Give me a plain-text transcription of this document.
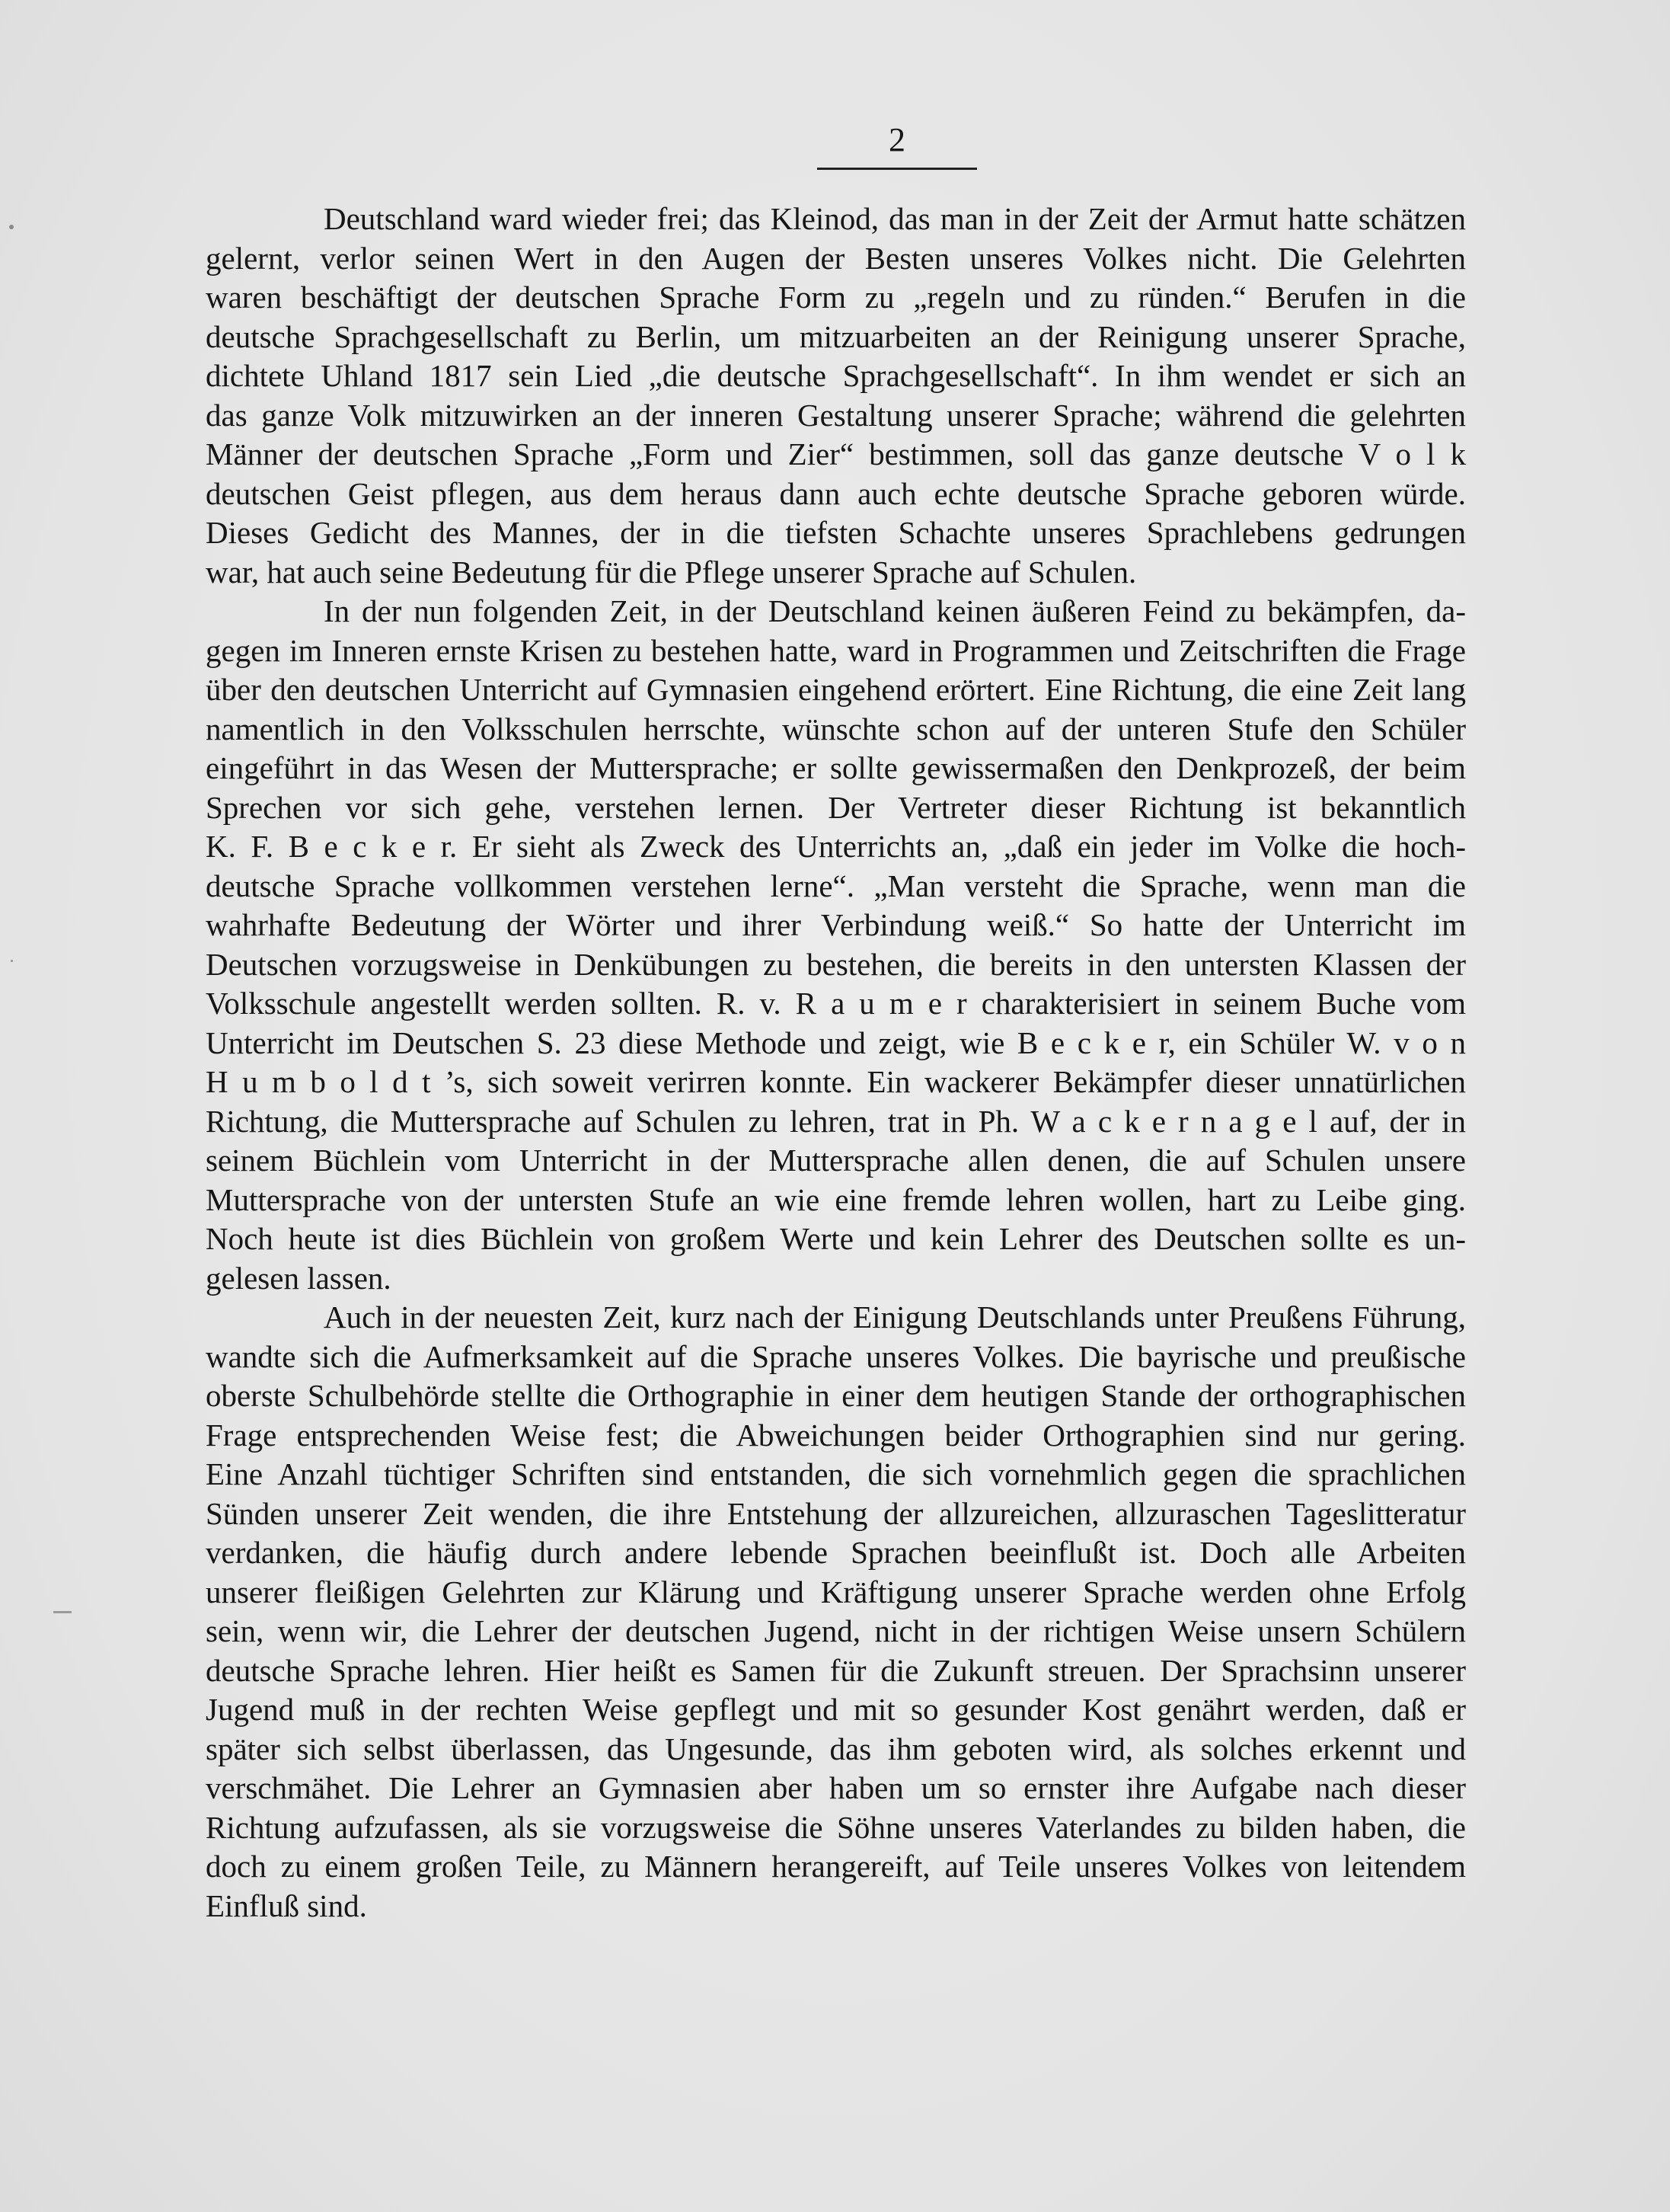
2

Deutschland ward wieder frei; das Kleinod, das man in der Zeit der Armut hatte schätzen

gelernt, verlor seinen Wert in den Augen der Besten unseres Volkes nicht. Die Gelehrten

waren beschäftigt der deutschen Sprache Form zu „regeln und zu ründen.“ Berufen in die

deutsche Sprachgesellschaft zu Berlin, um mitzuarbeiten an der Reinigung unserer Sprache,

dichtete Uhland 1817 sein Lied „die deutsche Sprachgesellschaft“. In ihm wendet er sich an

das ganze Volk mitzuwirken an der inneren Gestaltung unserer Sprache; während die gelehrten

Männer der deutschen Sprache „Form und Zier“ bestimmen, soll das ganze deutsche V o l k

deutschen Geist pflegen, aus dem heraus dann auch echte deutsche Sprache geboren würde.

Dieses Gedicht des Mannes, der in die tiefsten Schachte unseres Sprachlebens gedrungen

war, hat auch seine Bedeutung für die Pflege unserer Sprache auf Schulen.

In der nun folgenden Zeit, in der Deutschland keinen äußeren Feind zu bekämpfen, da-

gegen im Inneren ernste Krisen zu bestehen hatte, ward in Programmen und Zeitschriften die Frage

über den deutschen Unterricht auf Gymnasien eingehend erörtert. Eine Richtung, die eine Zeit lang

namentlich in den Volksschulen herrschte, wünschte schon auf der unteren Stufe den Schüler

eingeführt in das Wesen der Muttersprache; er sollte gewissermaßen den Denkprozeß, der beim

Sprechen vor sich gehe, verstehen lernen. Der Vertreter dieser Richtung ist bekanntlich

K. F. B e c k e r. Er sieht als Zweck des Unterrichts an, „daß ein jeder im Volke die hoch-

deutsche Sprache vollkommen verstehen lerne“. „Man versteht die Sprache, wenn man die

wahrhafte Bedeutung der Wörter und ihrer Verbindung weiß.“ So hatte der Unterricht im

Deutschen vorzugsweise in Denkübungen zu bestehen, die bereits in den untersten Klassen der

Volksschule angestellt werden sollten. R. v. R a u m e r charakterisiert in seinem Buche vom

Unterricht im Deutschen S. 23 diese Methode und zeigt, wie B e c k e r, ein Schüler W. v o n

H u m b o l d t ’s, sich soweit verirren konnte. Ein wackerer Bekämpfer dieser unnatürlichen

Richtung, die Muttersprache auf Schulen zu lehren, trat in Ph. W a c k e r n a g e l auf, der in

seinem Büchlein vom Unterricht in der Muttersprache allen denen, die auf Schulen unsere

Muttersprache von der untersten Stufe an wie eine fremde lehren wollen, hart zu Leibe ging.

Noch heute ist dies Büchlein von großem Werte und kein Lehrer des Deutschen sollte es un-

gelesen lassen.

Auch in der neuesten Zeit, kurz nach der Einigung Deutschlands unter Preußens Führung,

wandte sich die Aufmerksamkeit auf die Sprache unseres Volkes. Die bayrische und preußische

oberste Schulbehörde stellte die Orthographie in einer dem heutigen Stande der orthographischen

Frage entsprechenden Weise fest; die Abweichungen beider Orthographien sind nur gering.

Eine Anzahl tüchtiger Schriften sind entstanden, die sich vornehmlich gegen die sprachlichen

Sünden unserer Zeit wenden, die ihre Entstehung der allzureichen, allzuraschen Tageslitteratur

verdanken, die häufig durch andere lebende Sprachen beeinflußt ist. Doch alle Arbeiten

unserer fleißigen Gelehrten zur Klärung und Kräftigung unserer Sprache werden ohne Erfolg

sein, wenn wir, die Lehrer der deutschen Jugend, nicht in der richtigen Weise unsern Schülern

deutsche Sprache lehren. Hier heißt es Samen für die Zukunft streuen. Der Sprachsinn unserer

Jugend muß in der rechten Weise gepflegt und mit so gesunder Kost genährt werden, daß er

später sich selbst überlassen, das Ungesunde, das ihm geboten wird, als solches erkennt und

verschmähet. Die Lehrer an Gymnasien aber haben um so ernster ihre Aufgabe nach dieser

Richtung aufzufassen, als sie vorzugsweise die Söhne unseres Vaterlandes zu bilden haben, die

doch zu einem großen Teile, zu Männern herangereift, auf Teile unseres Volkes von leitendem

Einfluß sind.
